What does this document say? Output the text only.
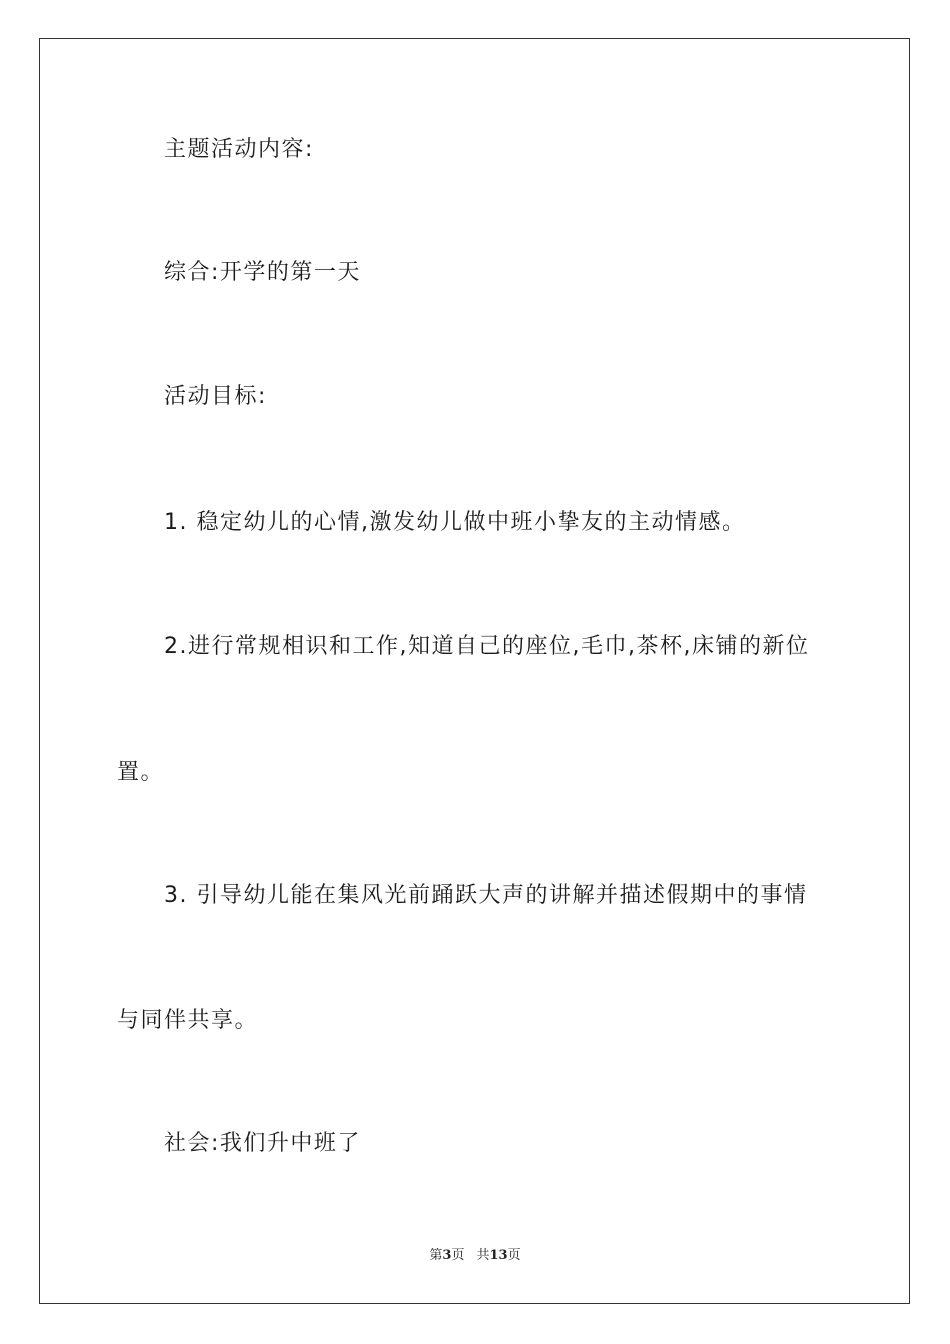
主题活动内容:
综合:开学的第一天
活动目标:
1. 稳定幼儿的心情,激发幼儿做中班小挚友的主动情感。
2.进行常规相识和工作,知道自己的座位,毛巾,茶杯,床铺的新位
置。
3. 引导幼儿能在集风光前踊跃大声的讲解并描述假期中的事情
与同伴共享。
社会:我们升中班了
第3页 共13页
